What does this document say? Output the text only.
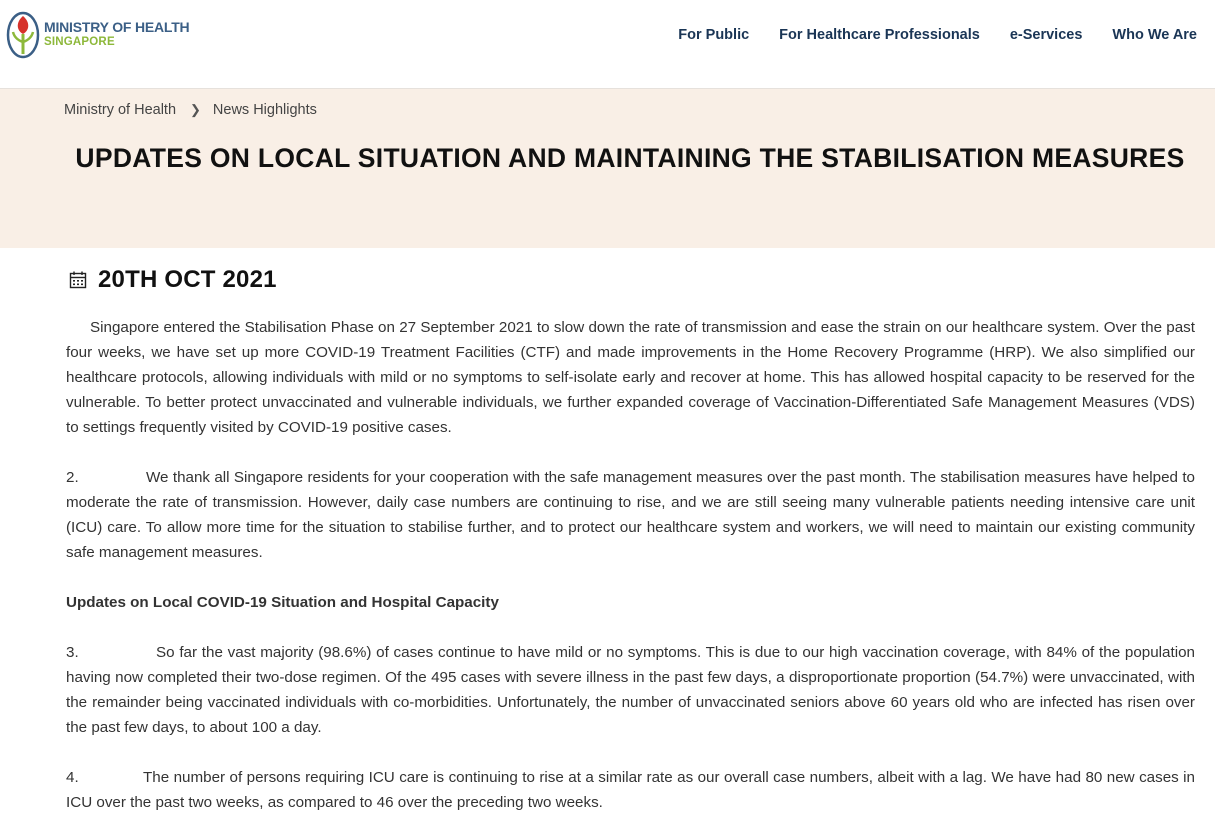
MINISTRY OF HEALTH
SINGAPORE	For Public For Healthcare Professionals e-Services Who We Are
Ministry of Health ❯ News Highlights
UPDATES ON LOCAL SITUATION AND MAINTAINING THE STABILISATION MEASURES
20TH OCT 2021

Singapore entered the Stabilisation Phase on 27 September 2021 to slow down the rate of transmission and ease the strain on our healthcare system. Over the past four weeks, we have set up more COVID-19 Treatment Facilities (CTF) and made improvements in the Home Recovery Programme (HRP). We also simplified our healthcare protocols, allowing individuals with mild or no symptoms to self-isolate early and recover at home. This has allowed hospital capacity to be reserved for the vulnerable. To better protect unvaccinated and vulnerable individuals, we further expanded coverage of Vaccination-Differentiated Safe Management Measures (VDS) to settings frequently visited by COVID-19 positive cases.

2.	We thank all Singapore residents for your cooperation with the safe management measures over the past month. The stabilisation measures have helped to moderate the rate of transmission. However, daily case numbers are continuing to rise, and we are still seeing many vulnerable patients needing intensive care unit (ICU) care. To allow more time for the situation to stabilise further, and to protect our healthcare system and workers, we will need to maintain our existing community safe management measures.

Updates on Local COVID-19 Situation and Hospital Capacity

3.	So far the vast majority (98.6%) of cases continue to have mild or no symptoms. This is due to our high vaccination coverage, with 84% of the population having now completed their two-dose regimen. Of the 495 cases with severe illness in the past few days, a disproportionate proportion (54.7%) were unvaccinated, with the remainder being vaccinated individuals with co-morbidities. Unfortunately, the number of unvaccinated seniors above 60 years old who are infected has risen over the past few days, to about 100 a day.

4.	The number of persons requiring ICU care is continuing to rise at a similar rate as our overall case numbers, albeit with a lag. We have had 80 new cases in ICU over the past two weeks, as compared to 46 over the preceding two weeks.
